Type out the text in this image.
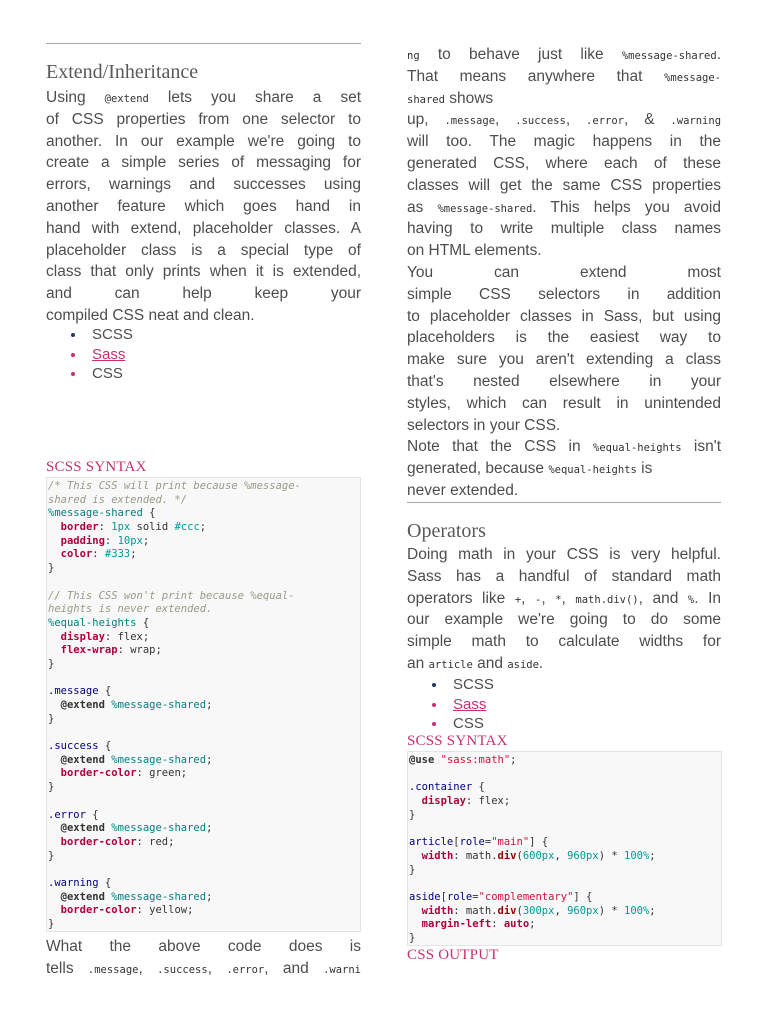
Extend/Inheritance
Using @extend lets you share a set
of CSS properties from one selector to
another. In our example we're going to
create a simple series of messaging for
errors, warnings and successes using
another feature which goes hand in
hand with extend, placeholder classes. A
placeholder class is a special type of
class that only prints when it is extended,
and can help keep your
compiled CSS neat and clean.
SCSS
Sass
CSS
SCSS SYNTAX
/* This CSS will print because %message-
shared is extended. */
%message-shared {
border: 1px solid #ccc;
padding: 10px;
color: #333;
}
// This CSS won't print because %equal-
heights is never extended.
%equal-heights {
display: flex;
flex-wrap: wrap;
}
.message {
@extend %message-shared;
}
.success {
@extend %message-shared;
border-color: green;
}
.error {
@extend %message-shared;
border-color: red;
}
.warning {
@extend %message-shared;
border-color: yellow;
}
What the above code does is
tells .message, .success, .error, and .warni
ng to behave just like %message-shared.
That means anywhere that %message-
shared shows
up, .message, .success, .error, & .warning
will too. The magic happens in the
generated CSS, where each of these
classes will get the same CSS properties
as %message-shared. This helps you avoid
having to write multiple class names
on HTML elements.
You can extend most
simple CSS selectors in addition
to placeholder classes in Sass, but using
placeholders is the easiest way to
make sure you aren't extending a class
that's nested elsewhere in your
styles, which can result in unintended
selectors in your CSS.
Note that the CSS in %equal-heights isn't
generated, because %equal-heights is
never extended.
Operators
Doing math in your CSS is very helpful.
Sass has a handful of standard math
operators like +, -, *, math.div(), and %. In
our example we're going to do some
simple math to calculate widths for
an article and aside.
SCSS
Sass
CSS
SCSS SYNTAX
@use "sass:math";
.container {
display: flex;
}
article[role="main"] {
width: math.div(600px, 960px) * 100%;
}
aside[role="complementary"] {
width: math.div(300px, 960px) * 100%;
margin-left: auto;
}
CSS OUTPUT
